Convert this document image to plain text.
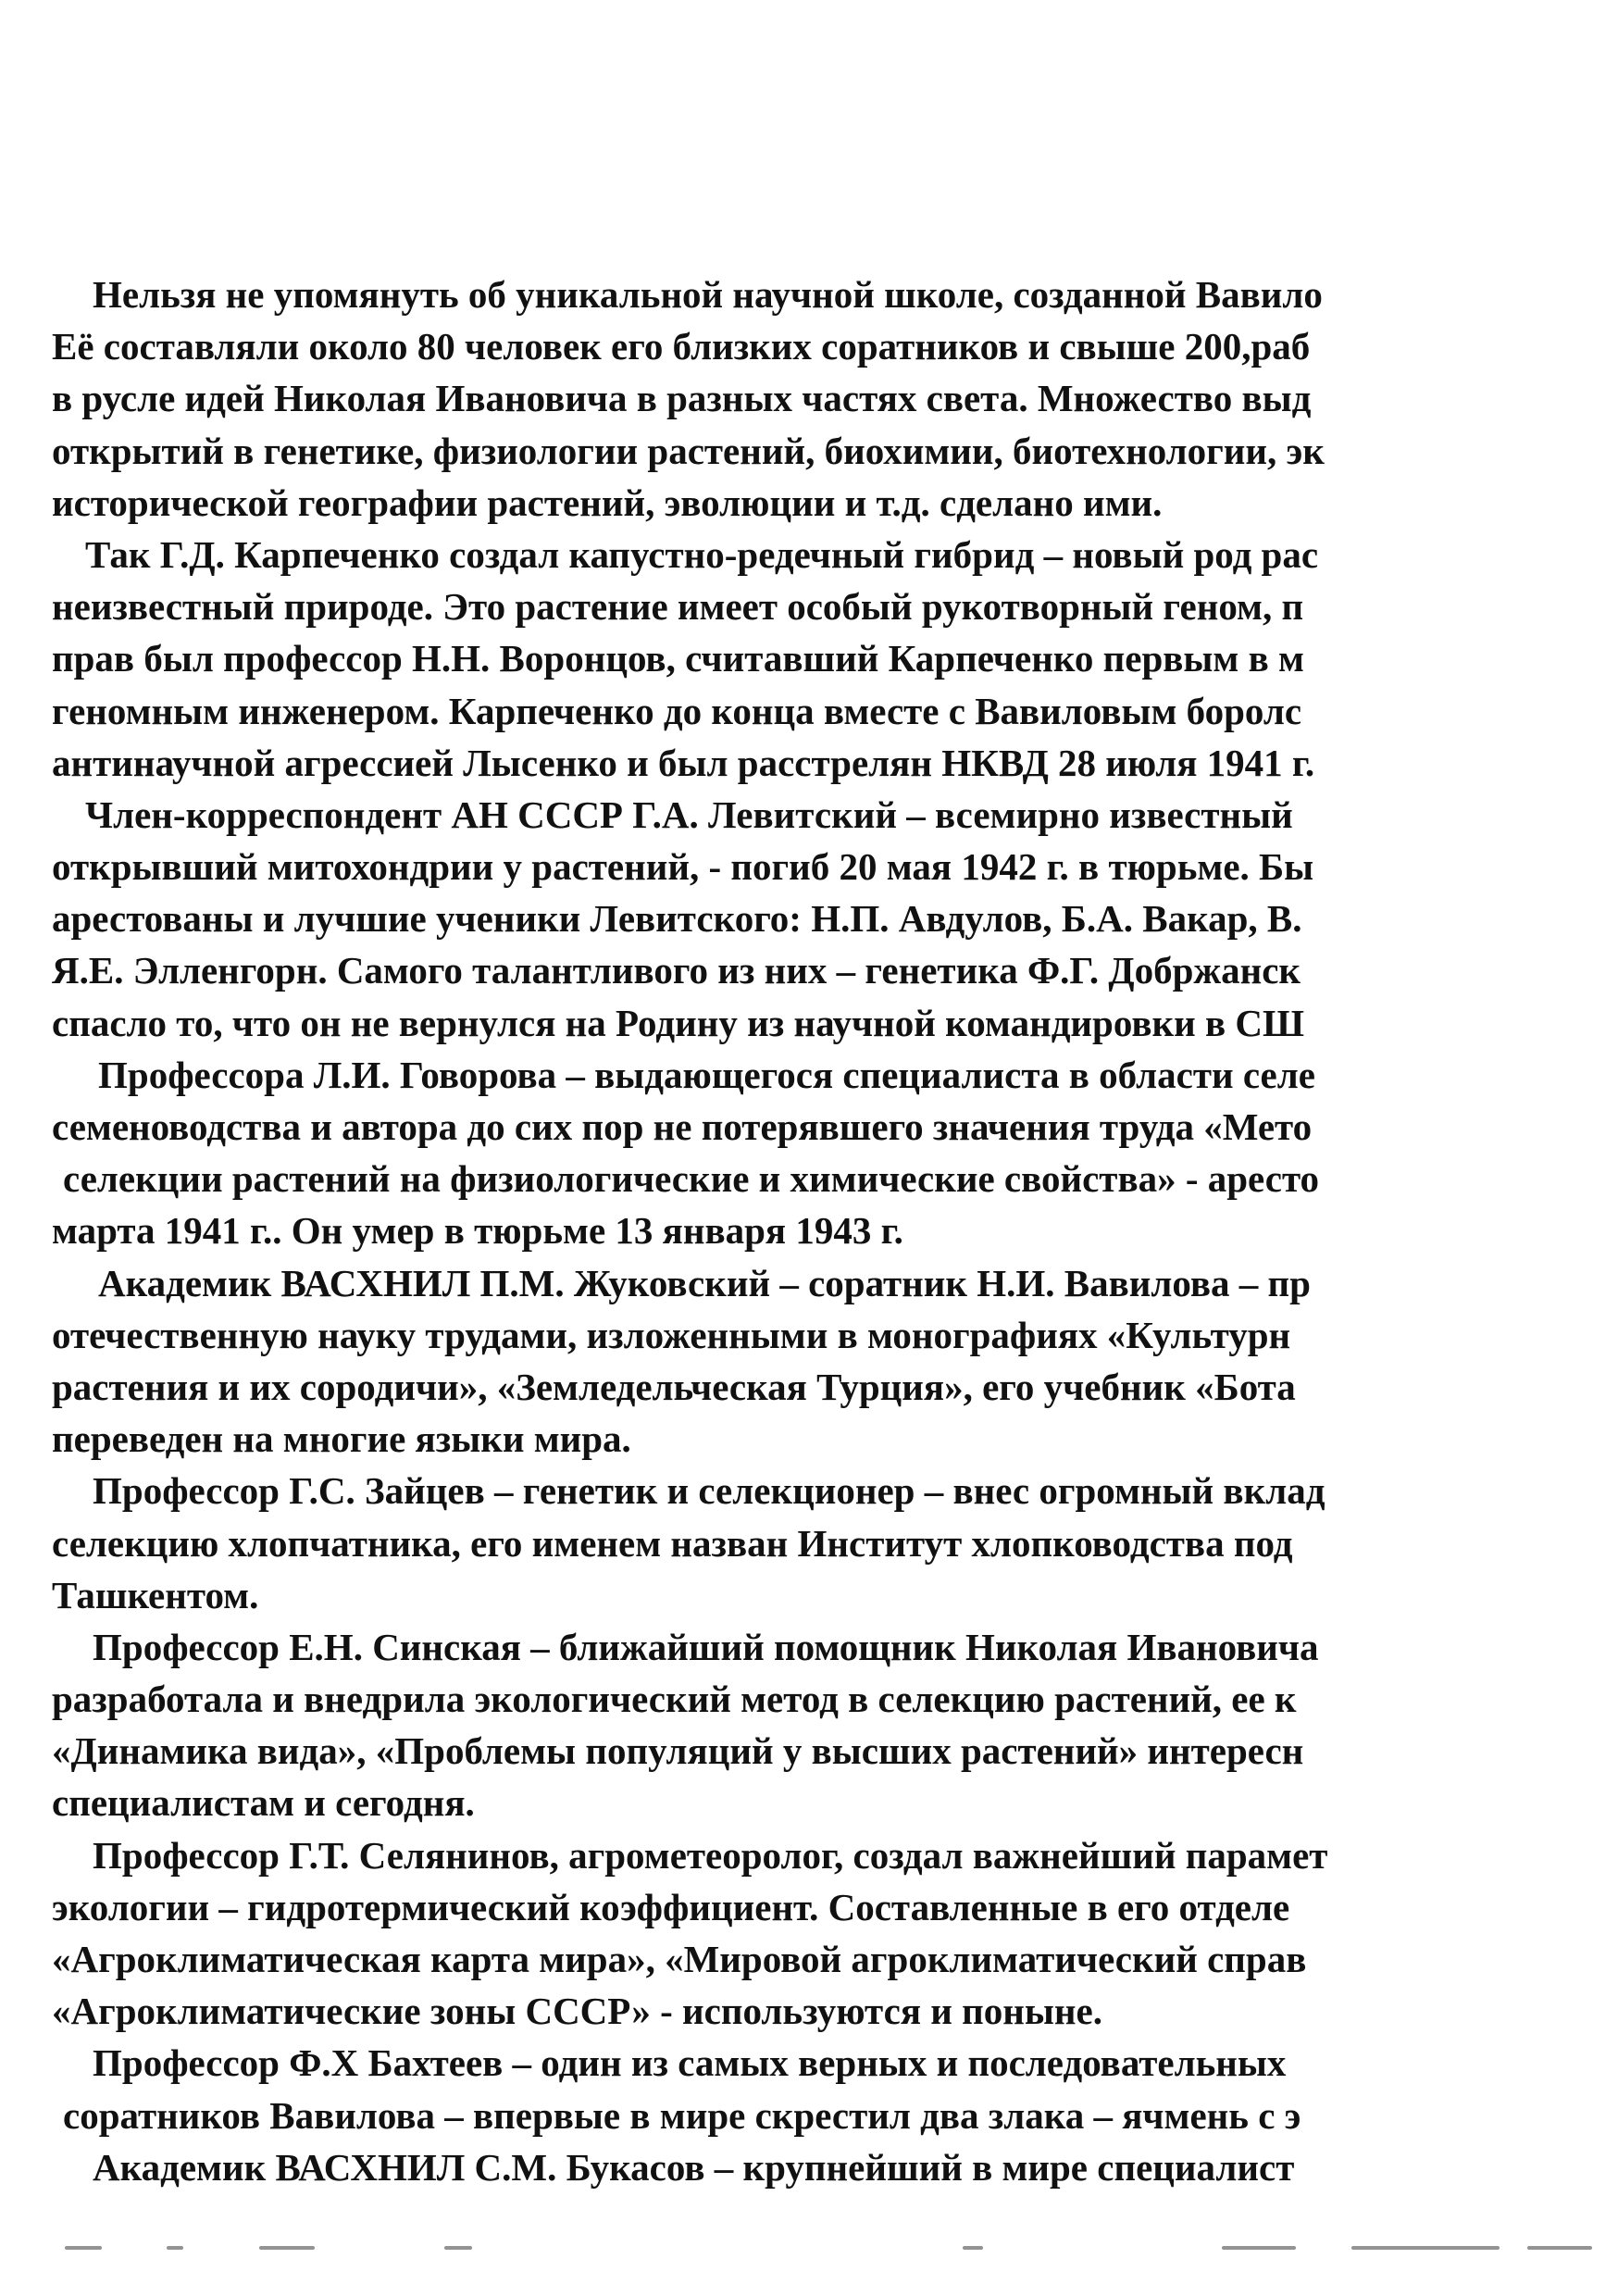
Нельзя не упомянуть об уникальной научной школе, созданной Вавило
Её составляли около 80 человек его близких соратников и свыше 200,раб
в русле идей Николая Ивановича в разных частях света. Множество выд
открытий в генетике, физиологии растений, биохимии, биотехнологии, эк
исторической географии растений, эволюции и т.д. сделано ими.
Так Г.Д. Карпеченко создал капустно-редечный гибрид – новый род рас
неизвестный природе. Это растение имеет особый рукотворный геном, п
прав был профессор Н.Н. Воронцов, считавший Карпеченко первым в м
геномным инженером. Карпеченко до конца вместе с Вавиловым боролс
антинаучной агрессией Лысенко и был расстрелян НКВД 28 июля 1941 г.
Член-корреспондент АН СССР Г.А. Левитский – всемирно известный
открывший митохондрии у растений, - погиб 20 мая 1942 г. в тюрьме. Бы
арестованы и лучшие ученики Левитского: Н.П. Авдулов, Б.А. Вакар, В.
Я.Е. Элленгорн. Самого талантливого из них – генетика Ф.Г. Добржанск
спасло то, что он не вернулся на Родину из научной командировки в СШ
Профессора Л.И. Говорова – выдающегося специалиста в области селе
семеноводства и автора до сих пор не потерявшего значения труда «Мето
селекции растений на физиологические и химические свойства» - аресто
марта 1941 г.. Он умер в тюрьме 13 января 1943 г.
Академик ВАСХНИЛ П.М. Жуковский – соратник Н.И. Вавилова – пр
отечественную науку трудами, изложенными в монографиях «Культурн
растения и их сородичи», «Земледельческая Турция», его учебник «Бота
переведен на многие языки мира.
Профессор Г.С. Зайцев – генетик и селекционер – внес огромный вклад
селекцию хлопчатника, его именем назван Институт хлопководства под
Ташкентом.
Профессор Е.Н. Синская – ближайший помощник Николая Ивановича
разработала и внедрила экологический метод в селекцию растений, ее к
«Динамика вида», «Проблемы популяций у высших растений» интересн
специалистам и сегодня.
Профессор Г.Т. Селянинов, агрометеоролог, создал важнейший парамет
экологии – гидротермический коэффициент. Составленные в его отделе
«Агроклиматическая карта мира», «Мировой агроклиматический справ
«Агроклиматические зоны СССР» - используются и поныне.
Профессор Ф.Х Бахтеев – один из самых верных и последовательных
соратников Вавилова – впервые в мире скрестил два злака – ячмень с э
Академик ВАСХНИЛ С.М. Букасов – крупнейший в мире специалист
